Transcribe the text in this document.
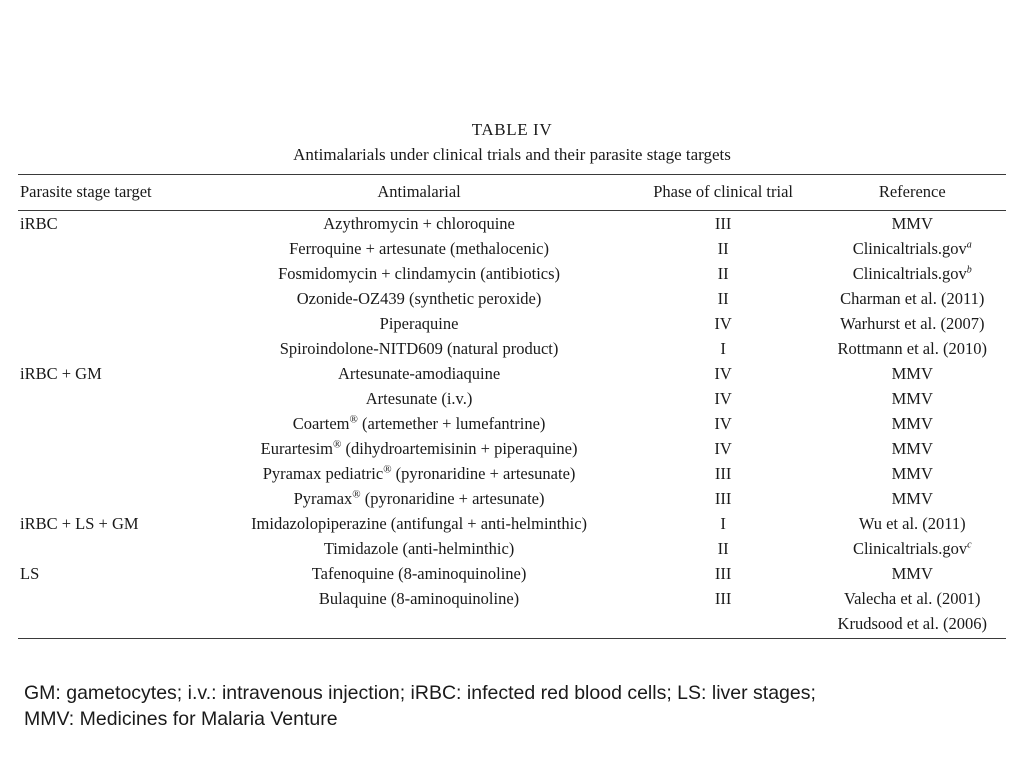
TABLE IV
Antimalarials under clinical trials and their parasite stage targets
Parasite stage target	Antimalarial	Phase of clinical trial	Reference
iRBC	Azythromycin + chloroquine	III	MMV
	Ferroquine + artesunate (methalocenic)	II	Clinicaltrials.gov$^a$
	Fosmidomycin + clindamycin (antibiotics)	II	Clinicaltrials.gov$^b$
	Ozonide-OZ439 (synthetic peroxide)	II	Charman et al. (2011)
	Piperaquine	IV	Warhurst et al. (2007)
	Spiroindolone-NITD609 (natural product)	I	Rottmann et al. (2010)
iRBC + GM	Artesunate-amodiaquine	IV	MMV
	Artesunate (i.v.)	IV	MMV
	Coartem® (artemether + lumefantrine)	IV	MMV
	Eurartesim® (dihydroartemisinin + piperaquine)	IV	MMV
	Pyramax pediatric® (pyronaridine + artesunate)	III	MMV
	Pyramax® (pyronaridine + artesunate)	III	MMV
iRBC + LS + GM	Imidazolopiperazine (antifungal + anti-helminthic)	I	Wu et al. (2011)
	Timidazole (anti-helminthic)	II	Clinicaltrials.gov$^c$
LS	Tafenoquine (8-aminoquinoline)	III	MMV
	Bulaquine (8-aminoquinoline)	III	Valecha et al. (2001)
			Krudsood et al. (2006)
GM: gametocytes; i.v.: intravenous injection; iRBC: infected red blood cells; LS: liver stages;
MMV: Medicines for Malaria Venture
